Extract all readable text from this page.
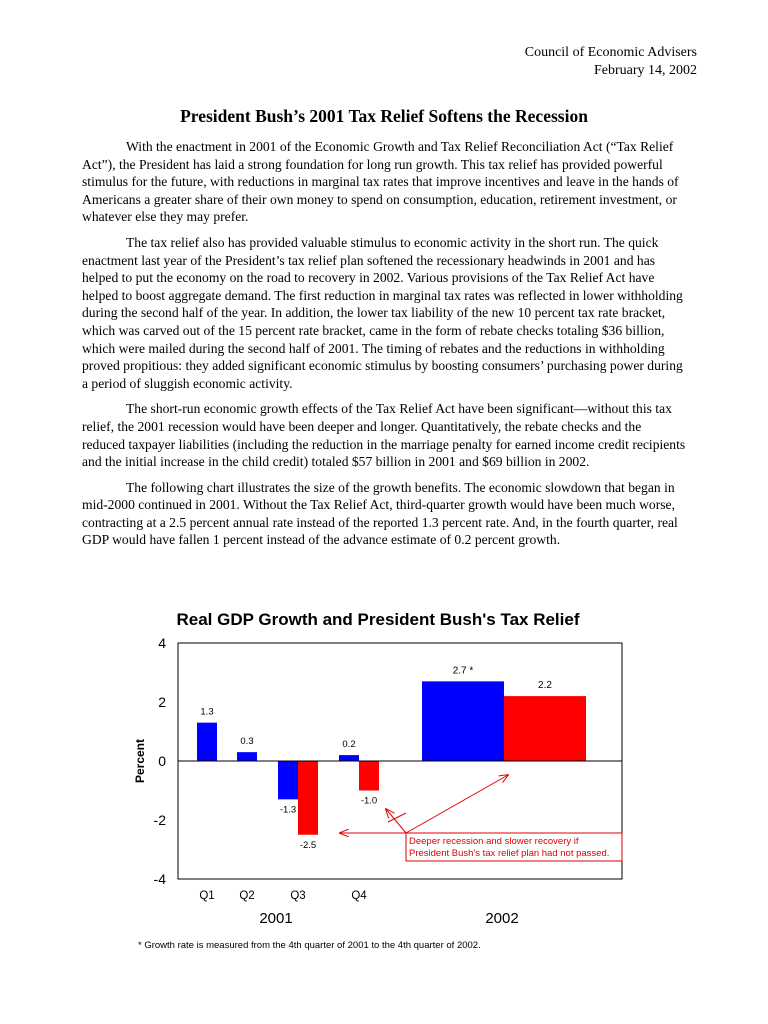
Council of Economic Advisers
February 14, 2002
President Bush’s 2001 Tax Relief Softens the Recession

With the enactment in 2001 of the Economic Growth and Tax Relief Reconciliation Act (“Tax Relief Act”), the President has laid a strong foundation for long run growth. This tax relief has provided powerful stimulus for the future, with reductions in marginal tax rates that improve incentives and leave in the hands of Americans a greater share of their own money to spend on consumption, education, retirement investment, or whatever else they may prefer.

The tax relief also has provided valuable stimulus to economic activity in the short run. The quick enactment last year of the President’s tax relief plan softened the recessionary headwinds in 2001 and has helped to put the economy on the road to recovery in 2002. Various provisions of the Tax Relief Act have helped to boost aggregate demand. The first reduction in marginal tax rates was reflected in lower withholding during the second half of the year. In addition, the lower tax liability of the new 10 percent tax rate bracket, which was carved out of the 15 percent rate bracket, came in the form of rebate checks totaling $36 billion, which were mailed during the second half of 2001. The timing of rebates and the reductions in withholding proved propitious: they added significant economic stimulus by boosting consumers’ purchasing power during a period of sluggish economic activity.

The short-run economic growth effects of the Tax Relief Act have been significant—without this tax relief, the 2001 recession would have been deeper and longer. Quantitatively, the rebate checks and the reduced taxpayer liabilities (including the reduction in the marriage penalty for earned income credit recipients and the initial increase in the child credit) totaled $57 billion in 2001 and $69 billion in 2002.

The following chart illustrates the size of the growth benefits. The economic slowdown that began in mid-2000 continued in 2001. Without the Tax Relief Act, third-quarter growth would have been much worse, contracting at a 2.5 percent annual rate instead of the reported 1.3 percent rate. And, in the fourth quarter, real GDP would have fallen 1 percent instead of the advance estimate of 0.2 percent growth.

Real GDP Growth and President Bush's Tax Relief
Percent
4
2
0
-2
-4
1.3
0.3
-1.3
0.2
2.7 *
-2.5
-1.0
2.2
Q1 Q2	Q3	Q4
2001	2002
Deeper recession and slower recovery if
President Bush's tax relief plan had not passed.
* Growth rate is measured from the 4th quarter of 2001 to the 4th quarter of 2002.
